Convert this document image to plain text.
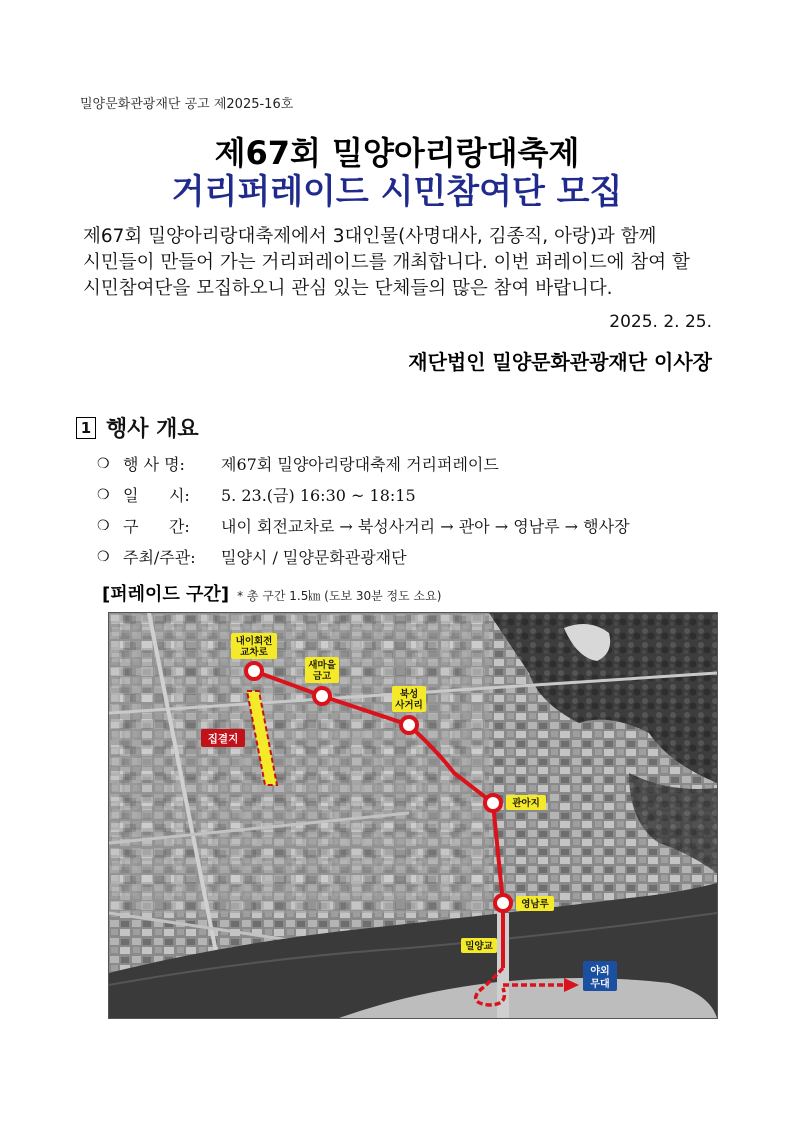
밀양문화관광재단 공고 제2025-16호
제67회 밀양아리랑대축제
거리퍼레이드 시민참여단 모집
제67회 밀양아리랑대축제에서 3대인물(사명대사, 김종직, 아랑)과 함께
시민들이 만들어 가는 거리퍼레이드를 개최합니다. 이번 퍼레이드에 참여 할
시민참여단을 모집하오니 관심 있는 단체들의 많은 참여 바랍니다.
2025. 2. 25.
재단법인 밀양문화관광재단 이사장
1 행사 개요
❍ 행 사 명:	제67회 밀양아리랑대축제 거리퍼레이드
❍ 일      시:	5. 23.(금) 16:30 ~ 18:15
❍ 구      간:	내이 회전교차로 → 북성사거리 → 관아 → 영남루 → 행사장
❍ 주최/주관:	밀양시 / 밀양문화관광재단
[퍼레이드 구간] * 총 구간 1.5㎞ (도보 30분 정도 소요)
내이회전
교차로
새마을
금고
북성
사거리
관아지
영남루
밀양교
집결지
야외
무대
